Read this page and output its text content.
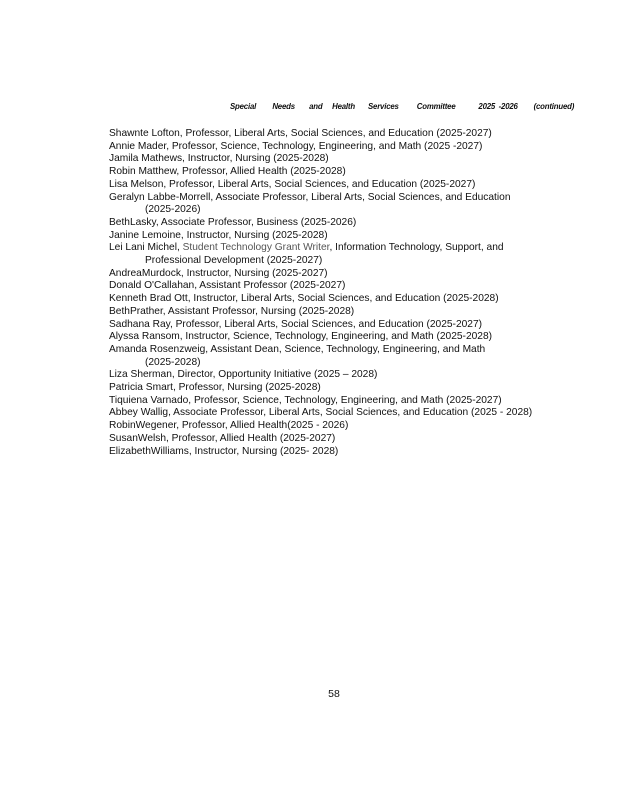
Special Needs and Health Services Committee	2025 -2026 (continued)

Shawnte Lofton, Professor, Liberal Arts, Social Sciences, and Education (2025-2027)

Annie Mader, Professor, Science, Technology, Engineering, and Math (2025 -2027)

Jamila Mathews, Instructor, Nursing (2025-2028)

Robin Matthew, Professor, Allied Health (2025-2028)

Lisa Melson, Professor, Liberal Arts, Social Sciences, and Education (2025-2027)

Geralyn Labbe-Morrell, Associate Professor, Liberal Arts, Social Sciences, and Education
(2025-2026)

BethLasky, Associate Professor, Business (2025-2026)

Janine Lemoine, Instructor, Nursing (2025-2028)

Lei Lani Michel, Student Technology Grant Writer, Information Technology, Support, and
Professional Development (2025-2027)

AndreaMurdock, Instructor, Nursing (2025-2027)

Donald O'Callahan, Assistant Professor (2025-2027)

Kenneth Brad Ott, Instructor, Liberal Arts, Social Sciences, and Education (2025-2028)

BethPrather, Assistant Professor, Nursing (2025-2028)

Sadhana Ray, Professor, Liberal Arts, Social Sciences, and Education (2025-2027)

Alyssa Ransom, Instructor, Science, Technology, Engineering, and Math (2025-2028)

Amanda Rosenzweig, Assistant Dean, Science, Technology, Engineering, and Math
(2025-2028)

Liza Sherman, Director, Opportunity Initiative (2025 – 2028)

Patricia Smart, Professor, Nursing (2025-2028)

Tiquiena Varnado, Professor, Science, Technology, Engineering, and Math (2025-2027)

Abbey Wallig, Associate Professor, Liberal Arts, Social Sciences, and Education (2025 - 2028)

RobinWegener, Professor, Allied Health(2025 - 2026)

SusanWelsh, Professor, Allied Health (2025-2027)

ElizabethWilliams, Instructor, Nursing (2025- 2028)

58
